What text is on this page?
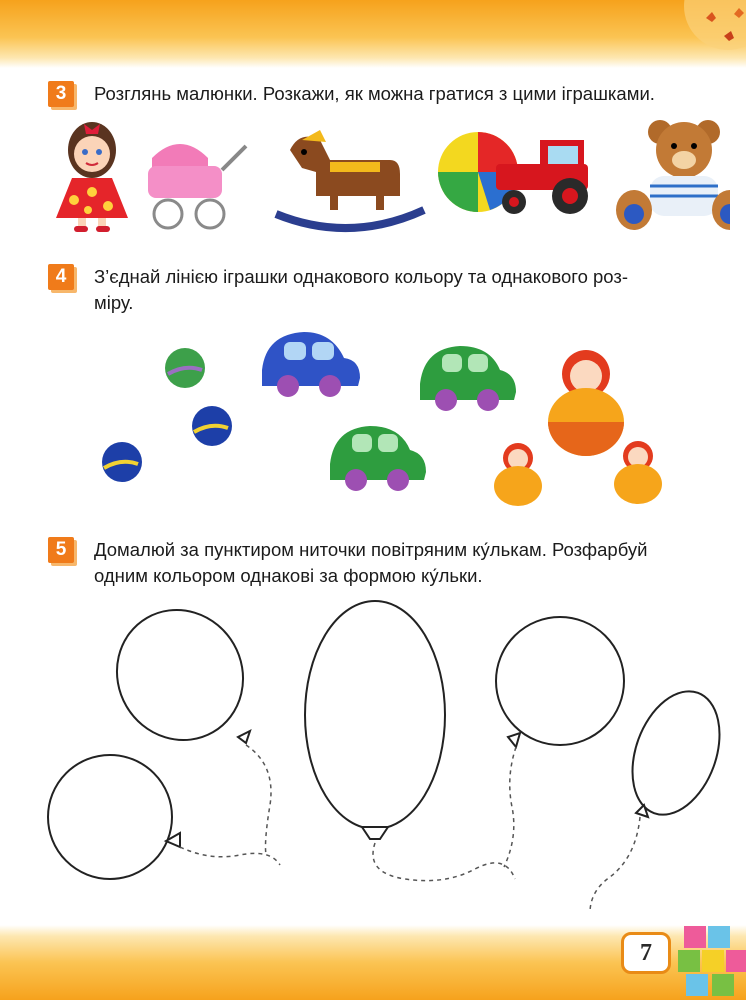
3	Розглянь малюнки. Розкажи, як можна гратися з цими іграшками.
4	З’єднай лінією іграшки однакового кольору та однакового роз-
міру.
5	Домалюй за пунктиром ниточки повітряним ку́лькам. Розфарбуй
одним кольором однакові за формою ку́льки.
7
